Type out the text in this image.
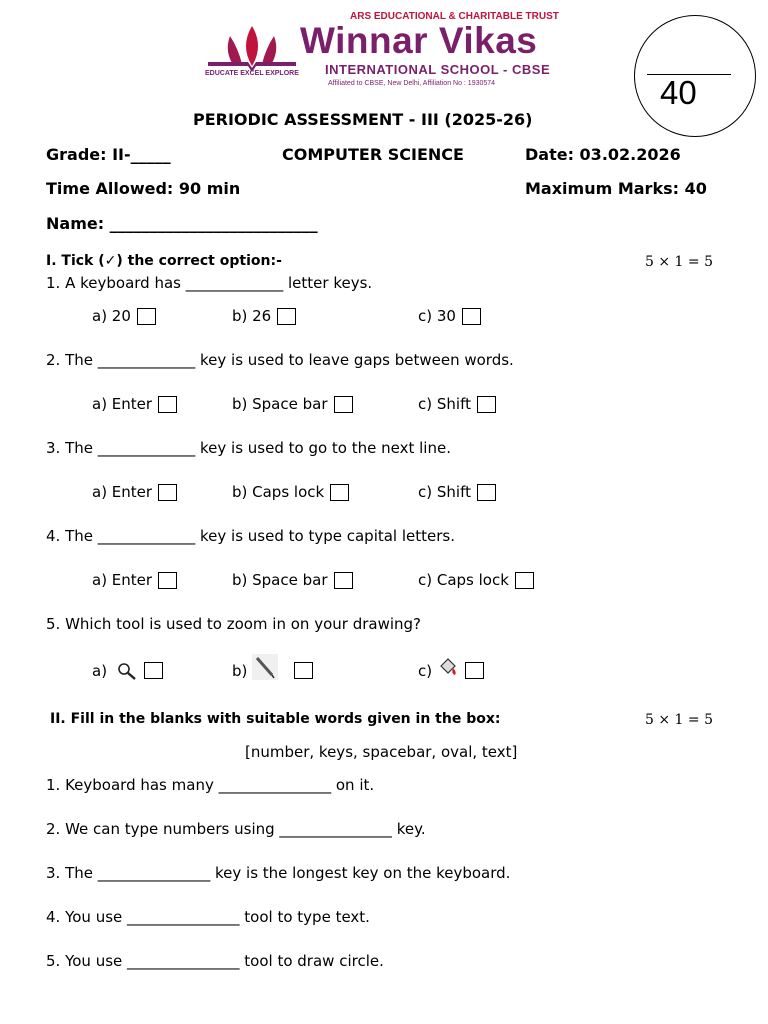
ARS EDUCATIONAL & CHARITABLE TRUST
EDUCATE EXCEL EXPLORE
Winnar Vikas
INTERNATIONAL SCHOOL - CBSE
Affiliated to CBSE, New Delhi, Affiliation No : 1930574	40
PERIODIC ASSESSMENT - III (2025-26)
Grade: II-_____	COMPUTER SCIENCE	Date: 03.02.2026
Time Allowed: 90 min	Maximum Marks: 40
Name: __________________________
I. Tick (✓) the correct option:-	5 × 1 = 5
1. A keyboard has _____________ letter keys.
a) 20	b) 26	c) 30
2. The _____________ key is used to leave gaps between words.
a) Enter	b) Space bar	c) Shift
3. The _____________ key is used to go to the next line.
a) Enter	b) Caps lock	c) Shift
4. The _____________ key is used to type capital letters.
a) Enter	b) Space bar	c) Caps lock
5. Which tool is used to zoom in on your drawing?
a)	b)	c)
II. Fill in the blanks with suitable words given in the box:	5 × 1 = 5
[number, keys, spacebar, oval, text]
1. Keyboard has many _______________ on it.
2. We can type numbers using _______________ key.
3. The _______________ key is the longest key on the keyboard.
4. You use _______________ tool to type text.
5. You use _______________ tool to draw circle.
